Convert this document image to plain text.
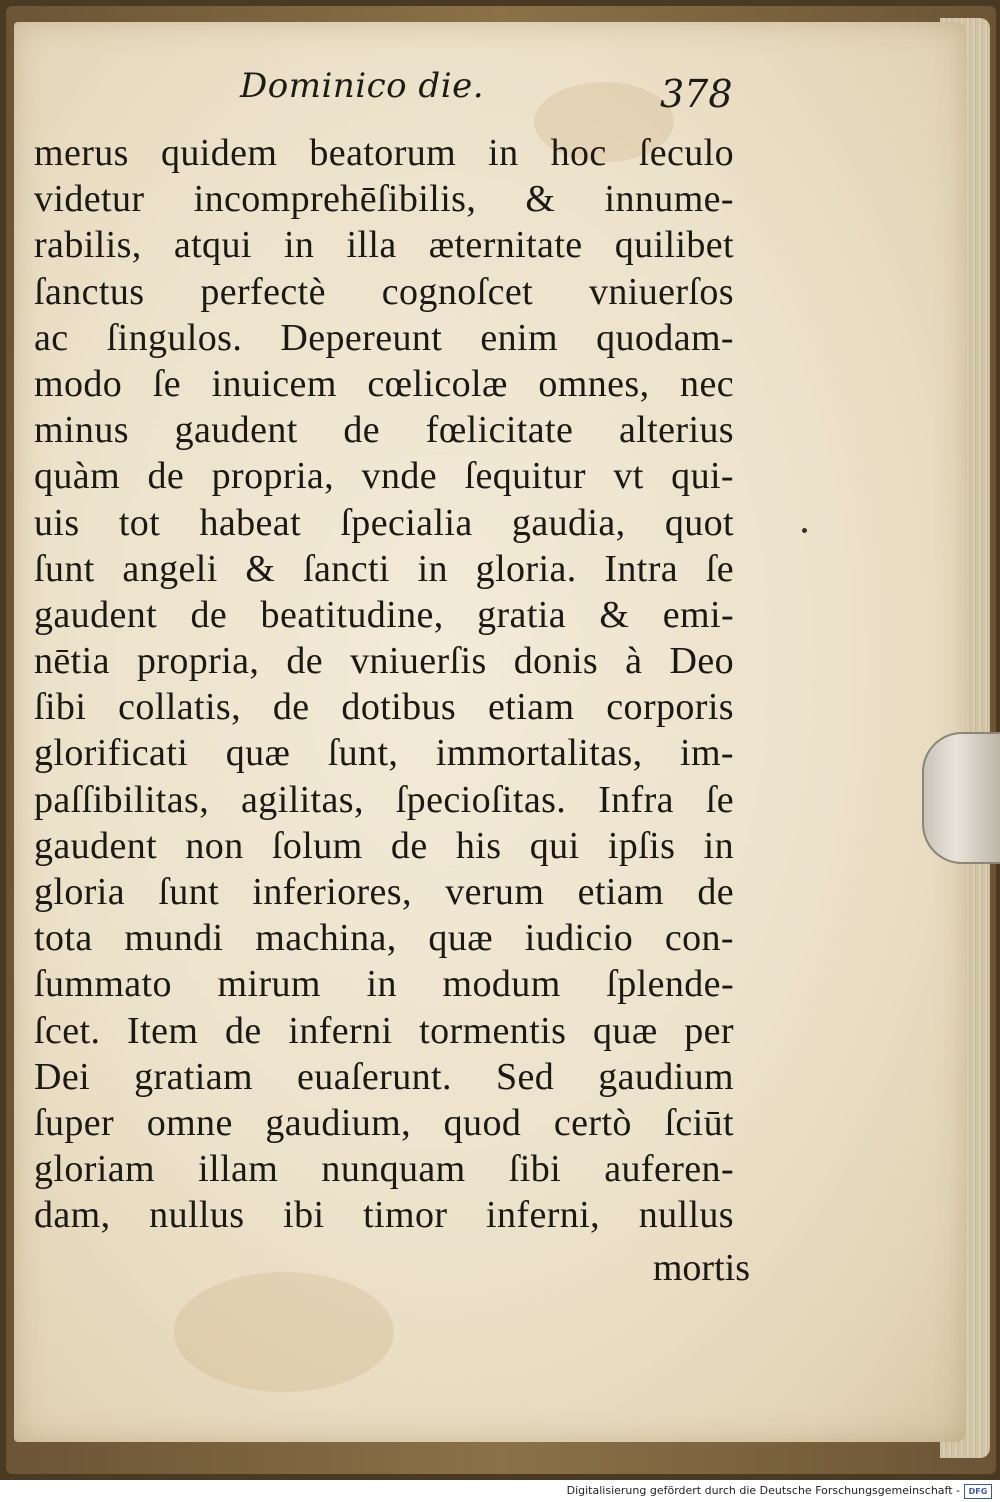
Dominico die.	378
merus quidem beatorum in hoc ſeculo
videtur incomprehēſibilis, & innume-
rabilis, atqui in illa æternitate quilibet
ſanctus perfectè cognoſcet vniuerſos
ac ſingulos. Depereunt enim quodam-
modo ſe inuicem cœlicolæ omnes, nec
minus gaudent de fœlicitate alterius
quàm de propria, vnde ſequitur vt qui-
uis tot habeat ſpecialia gaudia, quot
ſunt angeli & ſancti in gloria. Intra ſe
gaudent de beatitudine, gratia & emi-
nētia propria, de vniuerſis donis à Deo
ſibi collatis, de dotibus etiam corporis
glorificati quæ ſunt, immortalitas, im-
paſſibilitas, agilitas, ſpecioſitas. Infra ſe
gaudent non ſolum de his qui ipſis in
gloria ſunt inferiores, verum etiam de
tota mundi machina, quæ iudicio con-
ſummato mirum in modum ſplende-
ſcet. Item de inferni tormentis quæ per
Dei gratiam euaſerunt. Sed gaudium
ſuper omne gaudium, quod certò ſciūt
gloriam illam nunquam ſibi auferen-
dam, nullus ibi timor inferni, nullus
mortis
Digitalisierung gefördert durch die Deutsche Forschungsgemeinschaft -	DFG
